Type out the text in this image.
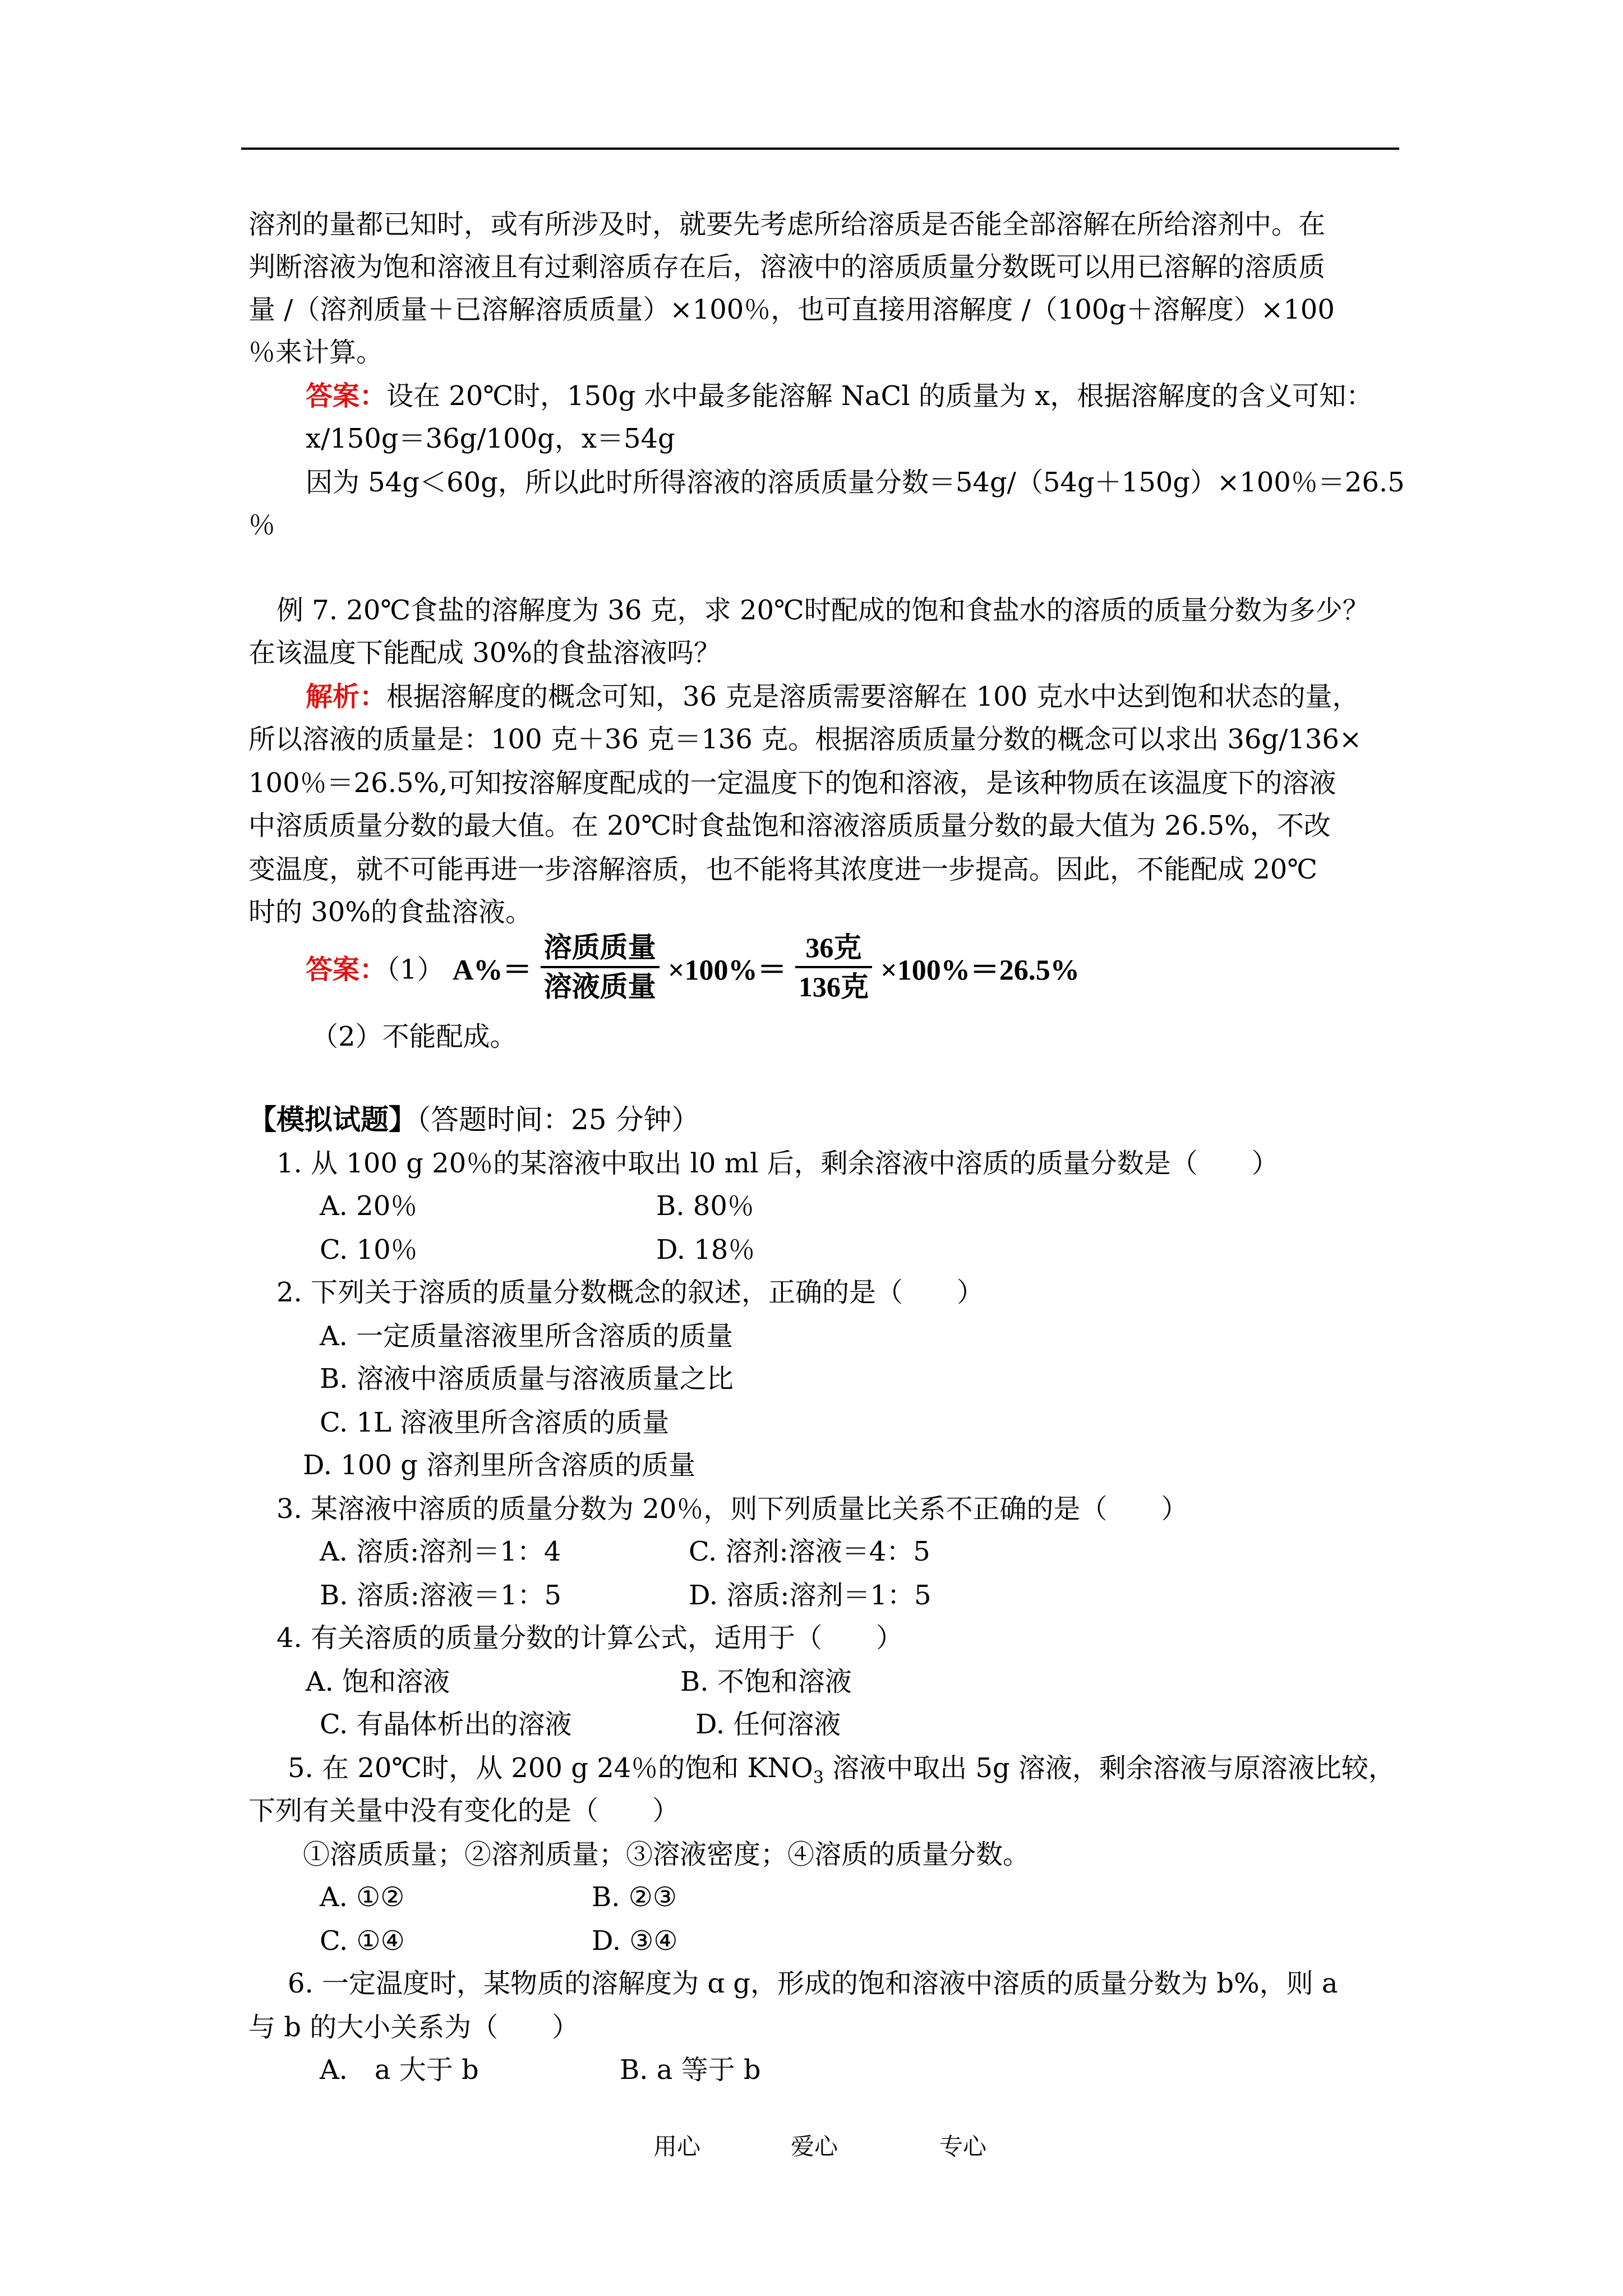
溶剂的量都已知时，或有所涉及时，就要先考虑所给溶质是否能全部溶解在所给溶剂中。在
判断溶液为饱和溶液且有过剩溶质存在后，溶液中的溶质质量分数既可以用已溶解的溶质质
量 /（溶剂质量＋已溶解溶质质量）×100％，也可直接用溶解度 /（100g＋溶解度）×100
％来计算。
答案：设在 20℃时，150g 水中最多能溶解 NaCl 的质量为 x，根据溶解度的含义可知：
x/150g＝36g/100g，x＝54g
因为 54g＜60g，所以此时所得溶液的溶质质量分数＝54g/（54g＋150g）×100％＝26.5
％
例 7. 20℃食盐的溶解度为 36 克，求 20℃时配成的饱和食盐水的溶质的质量分数为多少？
在该温度下能配成 30%的食盐溶液吗？
解析：根据溶解度的概念可知，36 克是溶质需要溶解在 100 克水中达到饱和状态的量，
所以溶液的质量是：100 克＋36 克＝136 克。根据溶质质量分数的概念可以求出 36g/136×
100％＝26.5%,可知按溶解度配成的一定温度下的饱和溶液，是该种物质在该温度下的溶液
中溶质质量分数的最大值。在 20℃时食盐饱和溶液溶质质量分数的最大值为 26.5%，不改
变温度，就不可能再进一步溶解溶质，也不能将其浓度进一步提高。因此，不能配成 20℃
时的 30%的食盐溶液。
答案：（1） $A\%= \frac{\text{溶质质量}}{\text{溶液质量}} \times 100\%= \frac{\text{36克}}{\text{136克}} \times 100\%=26.5\%$
（2）不能配成。
【模拟试题】（答题时间：25 分钟）
1. 从 100 g 20％的某溶液中取出 l0 ml 后，剩余溶液中溶质的质量分数是（　　）
A. 20％	B. 80％
C. 10％	D. 18％
2. 下列关于溶质的质量分数概念的叙述，正确的是（　　）
A. 一定质量溶液里所含溶质的质量
B. 溶液中溶质质量与溶液质量之比
C. 1L 溶液里所含溶质的质量
D. 100 g 溶剂里所含溶质的质量
3. 某溶液中溶质的质量分数为 20％，则下列质量比关系不正确的是（　　）
A. 溶质:溶剂＝1：4	C. 溶剂:溶液＝4：5
B. 溶质:溶液＝1：5	D. 溶质:溶剂＝1：5
4. 有关溶质的质量分数的计算公式，适用于（　　）
A. 饱和溶液	B. 不饱和溶液
C. 有晶体析出的溶液	D. 任何溶液
5. 在 20℃时，从 200 g 24％的饱和 $KNO_3$ 溶液中取出 5g 溶液，剩余溶液与原溶液比较，
下列有关量中没有变化的是（　　）
①溶质质量；②溶剂质量；③溶液密度；④溶质的质量分数。
A. ①②	B. ②③
C. ①④	D. ③④
6. 一定温度时，某物质的溶解度为 ɑ g，形成的饱和溶液中溶质的质量分数为 b%，则 a
与 b 的大小关系为（　　）
A.　a 大于 b	B. a 等于 b
用心	爱心	专心
